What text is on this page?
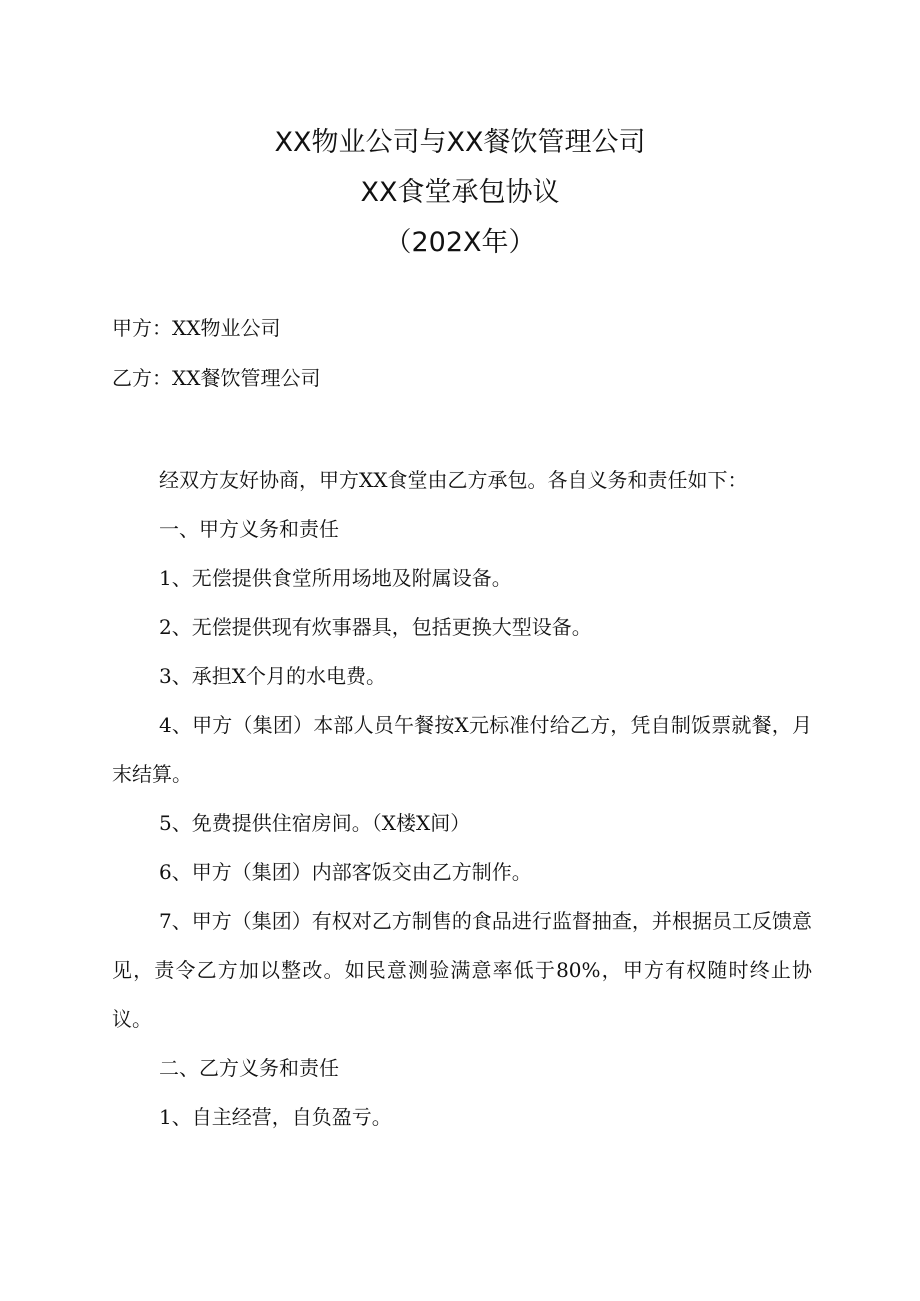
XX物业公司与XX餐饮管理公司
XX食堂承包协议
（202X年）
甲方：XX物业公司
乙方：XX餐饮管理公司

经双方友好协商，甲方XX食堂由乙方承包。各自义务和责任如下：

一、甲方义务和责任

1、无偿提供食堂所用场地及附属设备。

2、无偿提供现有炊事器具，包括更换大型设备。

3、承担X个月的水电费。

4、甲方（集团）本部人员午餐按X元标准付给乙方，凭自制饭票就餐，月末结算。

5、免费提供住宿房间。（X楼X间）

6、甲方（集团）内部客饭交由乙方制作。

7、甲方（集团）有权对乙方制售的食品进行监督抽查，并根据员工反馈意见，责令乙方加以整改。如民意测验满意率低于80%，甲方有权随时终止协议。

二、乙方义务和责任

1、自主经营，自负盈亏。
